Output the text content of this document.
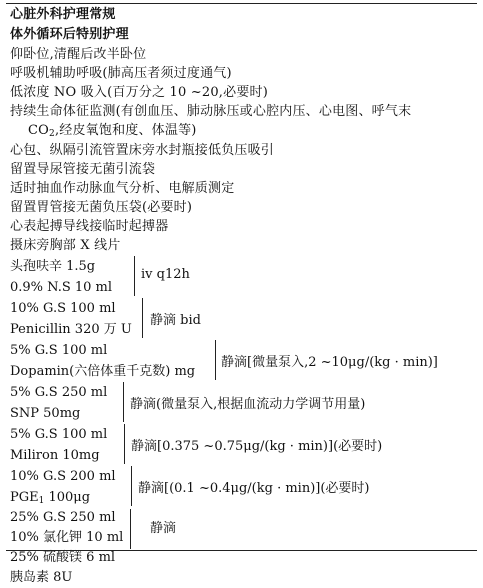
心脏外科护理常规
体外循环后特别护理
仰卧位,清醒后改半卧位
呼吸机辅助呼吸(肺高压者须过度通气)
低浓度 NO 吸入(百万分之 10 ~20,必要时)
持续生命体征监测(有创血压、肺动脉压或心腔内压、心电图、呼气末
$CO_2$,经皮氧饱和度、体温等)
心包、纵隔引流管置床旁水封瓶接低负压吸引
留置导尿管接无菌引流袋
适时抽血作动脉血气分析、电解质测定
留置胃管接无菌负压袋(必要时)
心表起搏导线接临时起搏器
摄床旁胸部 X 线片
头孢呋辛 1.5g
0.9% N.S 10 ml
iv q12h
10% G.S 100 ml
Penicillin 320 万 U
静滴 bid
5% G.S 100 ml
Dopamin(六倍体重千克数) mg
静滴[微量泵入,2 ~10μg/(kg · min)]
5% G.S 250 ml
SNP 50mg
静滴(微量泵入,根据血流动力学调节用量)
5% G.S 100 ml
Miliron 10mg
静滴[0.375 ~0.75μg/(kg · min)](必要时)
10% G.S 200 ml
$PGE_1$ 100μg
静滴[(0.1 ~0.4μg/(kg · min)](必要时)
25% G.S 250 ml
10% 氯化钾 10 ml
25% 硫酸镁 6 ml
胰岛素 8U
静滴
